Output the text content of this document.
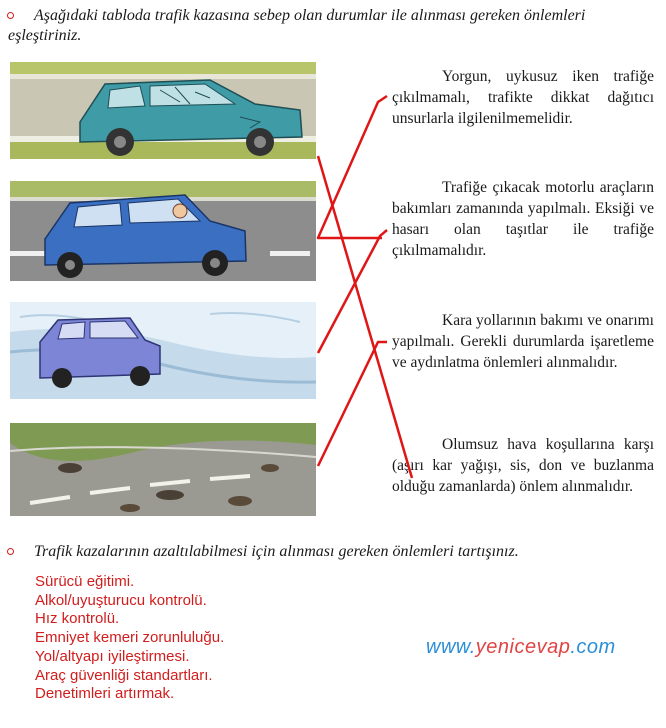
Aşağıdaki tabloda trafik kazasına sebep olan durumlar ile alınması gereken önlemleri eşleştiriniz.

Yorgun, uykusuz iken trafiğe çıkılmamalı, trafikte dikkat dağıtıcı unsurlarla ilgilenilmemelidir.

Trafiğe çıkacak motorlu araçların bakımları zamanında yapılmalı. Eksiği ve hasarı olan taşıtlar ile trafiğe çıkılmamalıdır.

Kara yollarının bakımı ve onarımı yapılmalı. Gerekli durumlarda işaretleme ve aydınlatma önlemleri alınmalıdır.

Olumsuz hava koşullarına karşı (aşırı kar yağışı, sis, don ve buzlanma olduğu zamanlarda) önlem alınmalıdır.

Trafik kazalarının azaltılabilmesi için alınması gereken önlemleri tartışınız.
Sürücü eğitimi.
Alkol/uyuşturucu kontrolü.
Hız kontrolü.
Emniyet kemeri zorunluluğu.
Yol/altyapı iyileştirmesi.
Araç güvenliği standartları.
Denetimleri artırmak.
www.yenicevap.com
